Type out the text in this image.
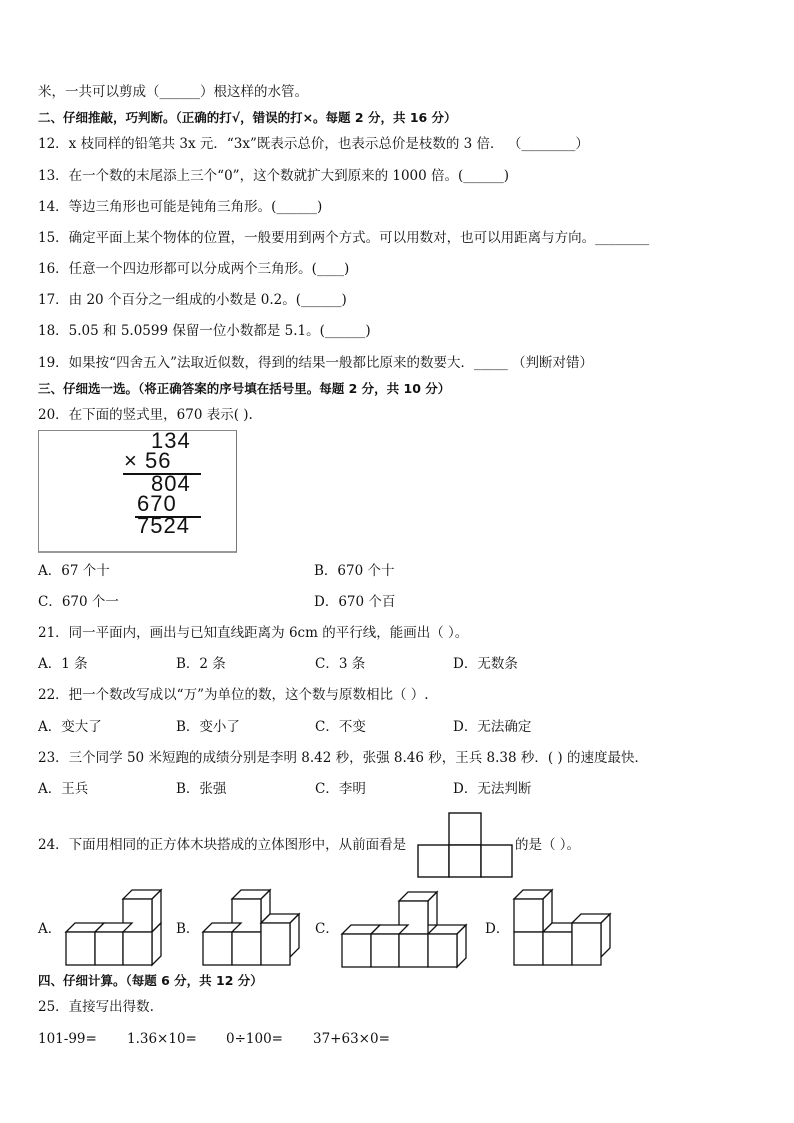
米，一共可以剪成（______）根这样的水管。
二、仔细推敲，巧判断。（正确的打√，错误的打×。每题 2 分，共 16 分）
12．x 枝同样的铅笔共 3x 元．“3x”既表示总价，也表示总价是枝数的 3 倍． （________）
13．在一个数的末尾添上三个“0”，这个数就扩大到原来的 1000 倍。(______)
14．等边三角形也可能是钝角三角形。(______)
15．确定平面上某个物体的位置，一般要用到两个方式。可以用数对，也可以用距离与方向。________
16．任意一个四边形都可以分成两个三角形。(____)
17．由 20 个百分之一组成的小数是 0.2。(______)
18．5.05 和 5.0599 保留一位小数都是 5.1。(______)
19．如果按“四舍五入”法取近似数，得到的结果一般都比原来的数要大．_____ （判断对错）
三、仔细选一选。（将正确答案的序号填在括号里。每题 2 分，共 10 分）
20．在下面的竖式里，670 表示( ).
134
× 56
804
670
7524
A．67 个十	B．670 个十
C．670 个一	D．670 个百
21．同一平面内，画出与已知直线距离为 6cm 的平行线，能画出（ ）。
A．1 条	B．2 条	C．3 条	D．无数条
22．把一个数改写成以“万”为单位的数，这个数与原数相比（ ）.
A．变大了	B．变小了	C．不变	D．无法确定
23．三个同学 50 米短跑的成绩分别是李明 8.42 秒，张强 8.46 秒，王兵 8.38 秒．( ) 的速度最快．
A．王兵	B．张强	C．李明	D．无法判断
24．下面用相同的正方体木块搭成的立体图形中，从前面看是	的是（ ）。
A．	B．	C．	D．
四、仔细计算。（每题 6 分，共 12 分）
25．直接写出得数.
101-99= 1.36×10= 0÷100= 37+63×0=
